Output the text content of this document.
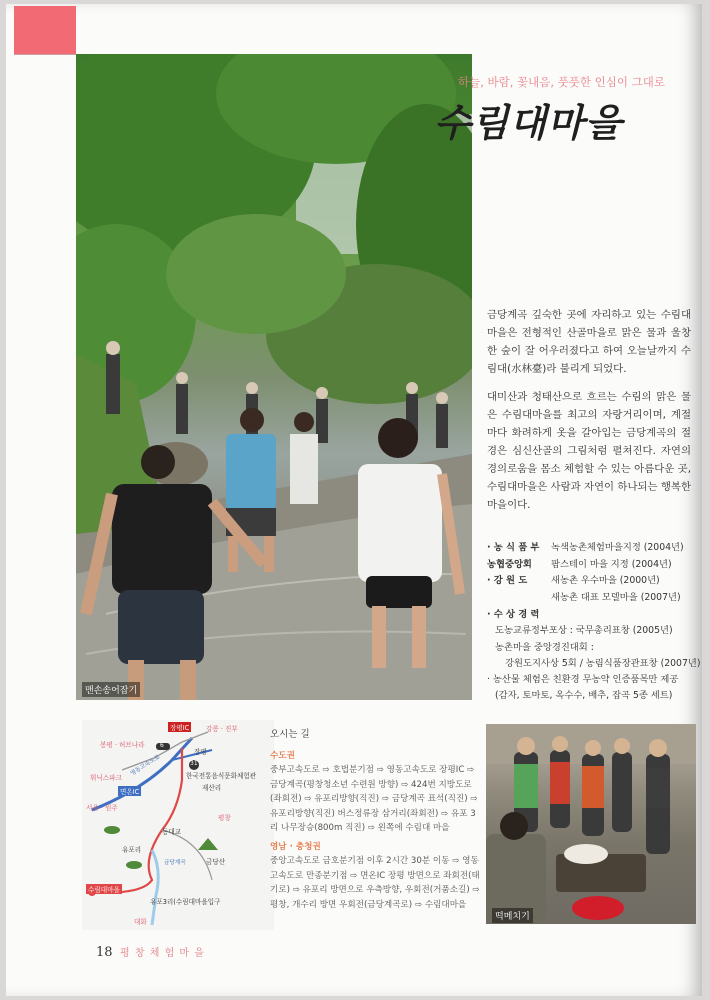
맨손송어잡기
하늘, 바람, 꽃내음, 풋풋한 인심이 그대로
수림대마을

금당계곡 깊숙한 곳에 자리하고 있는 수림대마을은 전형적인 산골마을로 맑은 물과 울창한 숲이 잘 어우러졌다고 하여 오늘날까지 수림대(水林臺)라 불리게 되었다.

대미산과 청태산으로 흐르는 수림의 맑은 물은 수림대마을를 최고의 자랑거리이며, 계절마다 화려하게 옷을 갈아입는 금당계곡의 절경은 심신산골의 그림처럼 펼쳐진다. 자연의 경의로움을 몸소 체험할 수 있는 아름다운 곳, 수림대마을은 사람과 자연이 하나되는 행복한 마을이다.

· 농 식 품 부	녹색농촌체험마을지정 (2004년)
농협중앙회	팜스테이 마을 지정 (2004년)
· 강 원 도	새농촌 우수마을 (2000년)
새농촌 대표 모델마을 (2007년)
· 수 상 경 력
도농교류정부포상 : 국무총리표창 (2005년)
농촌마을 중앙경진대회 :
강원도지사상 5회 / 농림식품장관표창 (2007년)
· 농산물 체험은 친환경 무농약 인증품목만 제공
(감자, 토마토, 옥수수, 배추, 잡곡 5종 세트)
장평IC	강릉 · 진부
봉평 · 허브나라	6
31
장평
휘닉스파크
면온IC
서울 · 원주
한국전통음식문화체험관
재산리
영동고속도로
평창
동대교
유포리
금당계곡	금당산
수림대마을
유포3리(수림대마을입구
대화
오시는 길
수도권
중부고속도로 ⇨ 호법분기점 ⇨ 영동고속도로 장평IC ⇨ 금당계곡(평창청소년 수련원 방향) ⇨ 424번 지방도로(좌회전) ⇨ 유포리방향(직진) ⇨ 금당계곡 표석(직진) ⇨ 유포리방향(직진) 버스정류장 삼거리(좌회전) ⇨ 유포 3리 나무장승(800m 직진) ⇨ 왼쪽에 수림대 마을
영남 · 충청권
중앙고속도로 금호분기점 이후 2시간 30분 이동 ⇨ 영동고속도로 만종분기점 ⇨ 면온IC 장평 방면으로 좌회전(태기로) ⇨ 유포리 방면으로 우측방향, 우회전(거품소길) ⇨ 평창, 개수리 방면 우회전(금당계곡로) ⇨ 수림대마을
떡메치기
18 평 창 체 험 마 을
